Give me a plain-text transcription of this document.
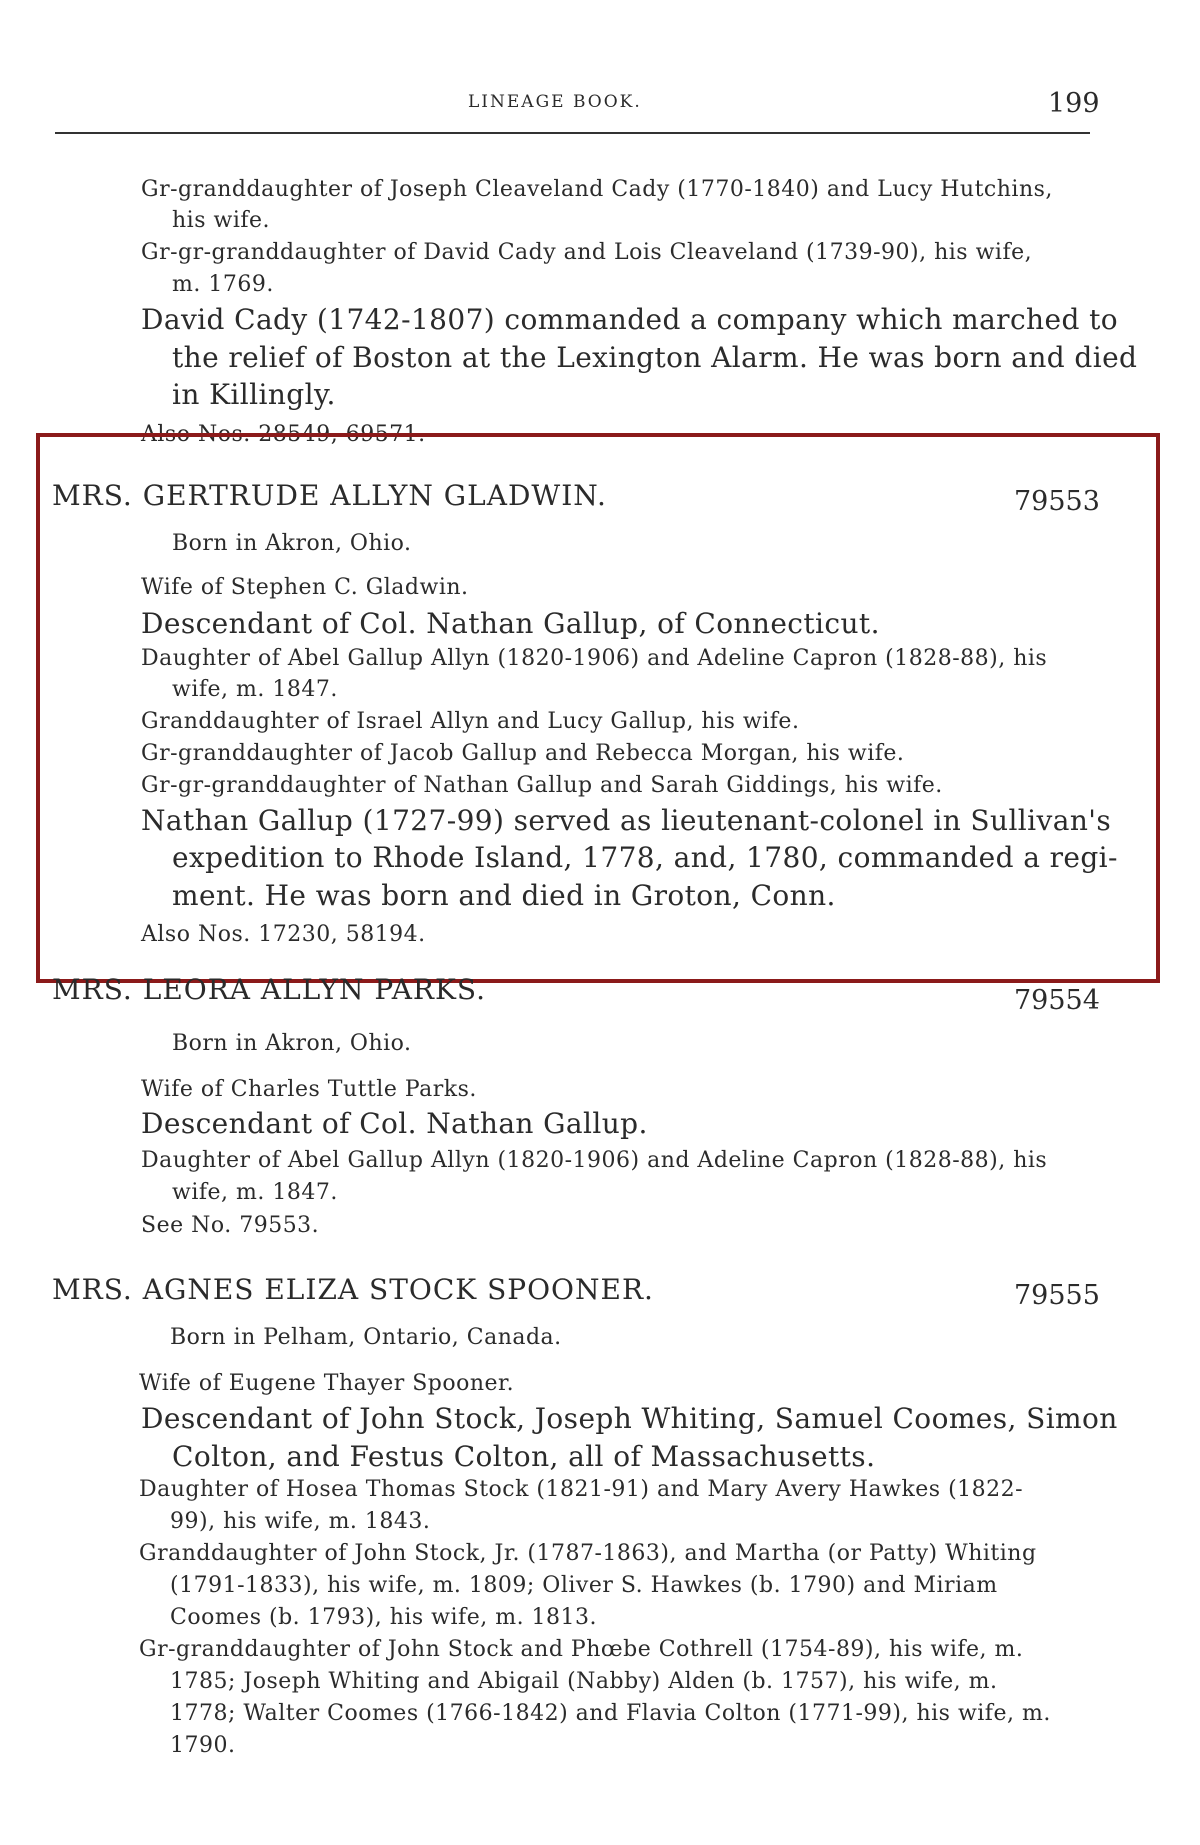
LINEAGE BOOK.	199
Gr-granddaughter of Joseph Cleaveland Cady (1770-1840) and Lucy Hutchins,
his wife.
Gr-gr-granddaughter of David Cady and Lois Cleaveland (1739-90), his wife,
m. 1769.
David Cady (1742-1807) commanded a company which marched to
the relief of Boston at the Lexington Alarm. He was born and died
in Killingly.
Also Nos. 28549, 69571.
MRS. GERTRUDE ALLYN GLADWIN.	79553
Born in Akron, Ohio.
Wife of Stephen C. Gladwin.
Descendant of Col. Nathan Gallup, of Connecticut.
Daughter of Abel Gallup Allyn (1820-1906) and Adeline Capron (1828-88), his
wife, m. 1847.
Granddaughter of Israel Allyn and Lucy Gallup, his wife.
Gr-granddaughter of Jacob Gallup and Rebecca Morgan, his wife.
Gr-gr-granddaughter of Nathan Gallup and Sarah Giddings, his wife.
Nathan Gallup (1727-99) served as lieutenant-colonel in Sullivan's
expedition to Rhode Island, 1778, and, 1780, commanded a regi-
ment. He was born and died in Groton, Conn.
Also Nos. 17230, 58194.
MRS. LEORA ALLYN PARKS.	79554
Born in Akron, Ohio.
Wife of Charles Tuttle Parks.
Descendant of Col. Nathan Gallup.
Daughter of Abel Gallup Allyn (1820-1906) and Adeline Capron (1828-88), his
wife, m. 1847.
See No. 79553.
MRS. AGNES ELIZA STOCK SPOONER.	79555
Born in Pelham, Ontario, Canada.
Wife of Eugene Thayer Spooner.
Descendant of John Stock, Joseph Whiting, Samuel Coomes, Simon
Colton, and Festus Colton, all of Massachusetts.
Daughter of Hosea Thomas Stock (1821-91) and Mary Avery Hawkes (1822-
99), his wife, m. 1843.
Granddaughter of John Stock, Jr. (1787-1863), and Martha (or Patty) Whiting
(1791-1833), his wife, m. 1809; Oliver S. Hawkes (b. 1790) and Miriam
Coomes (b. 1793), his wife, m. 1813.
Gr-granddaughter of John Stock and Phœbe Cothrell (1754-89), his wife, m.
1785; Joseph Whiting and Abigail (Nabby) Alden (b. 1757), his wife, m.
1778; Walter Coomes (1766-1842) and Flavia Colton (1771-99), his wife, m.
1790.
